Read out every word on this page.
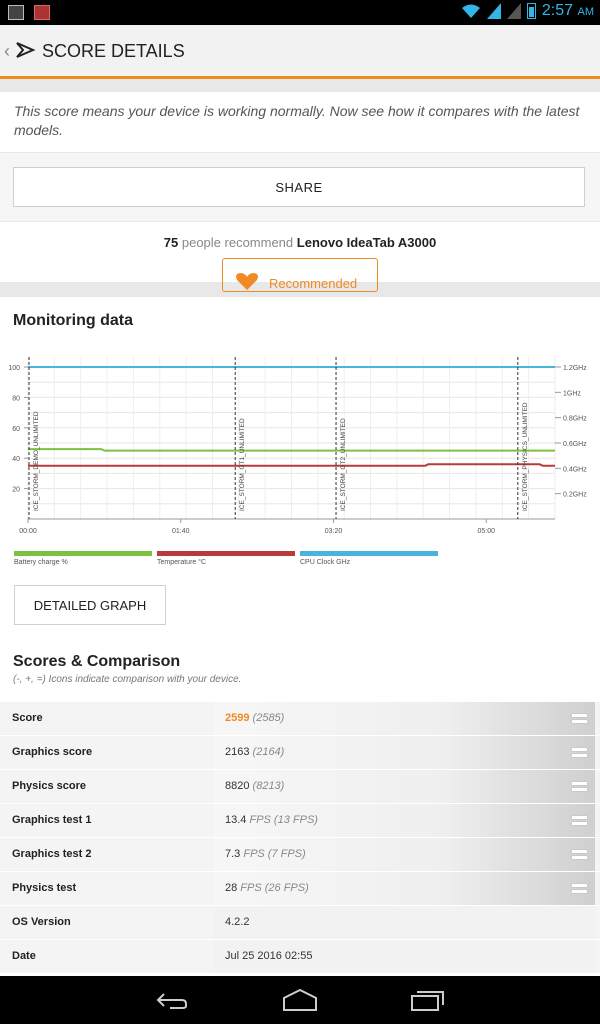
2:57 AM
‹ SCORE DETAILS

This score means your device is working normally. Now see how it compares with the latest models.

SHARE
75 people recommend Lenovo IdeaTab A3000
Recommended
Monitoring data
100
80
60
40
20
1.2GHz
1GHz
0.8GHz
0.6GHz
0.4GHz
0.2GHz
00:00	01:40	03:20	05:00
ICE_STORM_DEMO_UNLIMITED	ICE_STORM_GT1_UNLIMITED	ICE_STORM_GT2_UNLIMITED	ICE_STORM_PHYSICS_UNLIMITED
Battery charge %	Temperature °C	CPU Clock GHz
DETAILED GRAPH
Scores & Comparison
(-, +, =) Icons indicate comparison with your device.
Score	2599 (2585)
Graphics score	2163 (2164)
Physics score	8820 (8213)
Graphics test 1	13.4 FPS (13 FPS)
Graphics test 2	7.3 FPS (7 FPS)
Physics test	28 FPS (26 FPS)
OS Version	4.2.2
Date	Jul 25 2016 02:55
